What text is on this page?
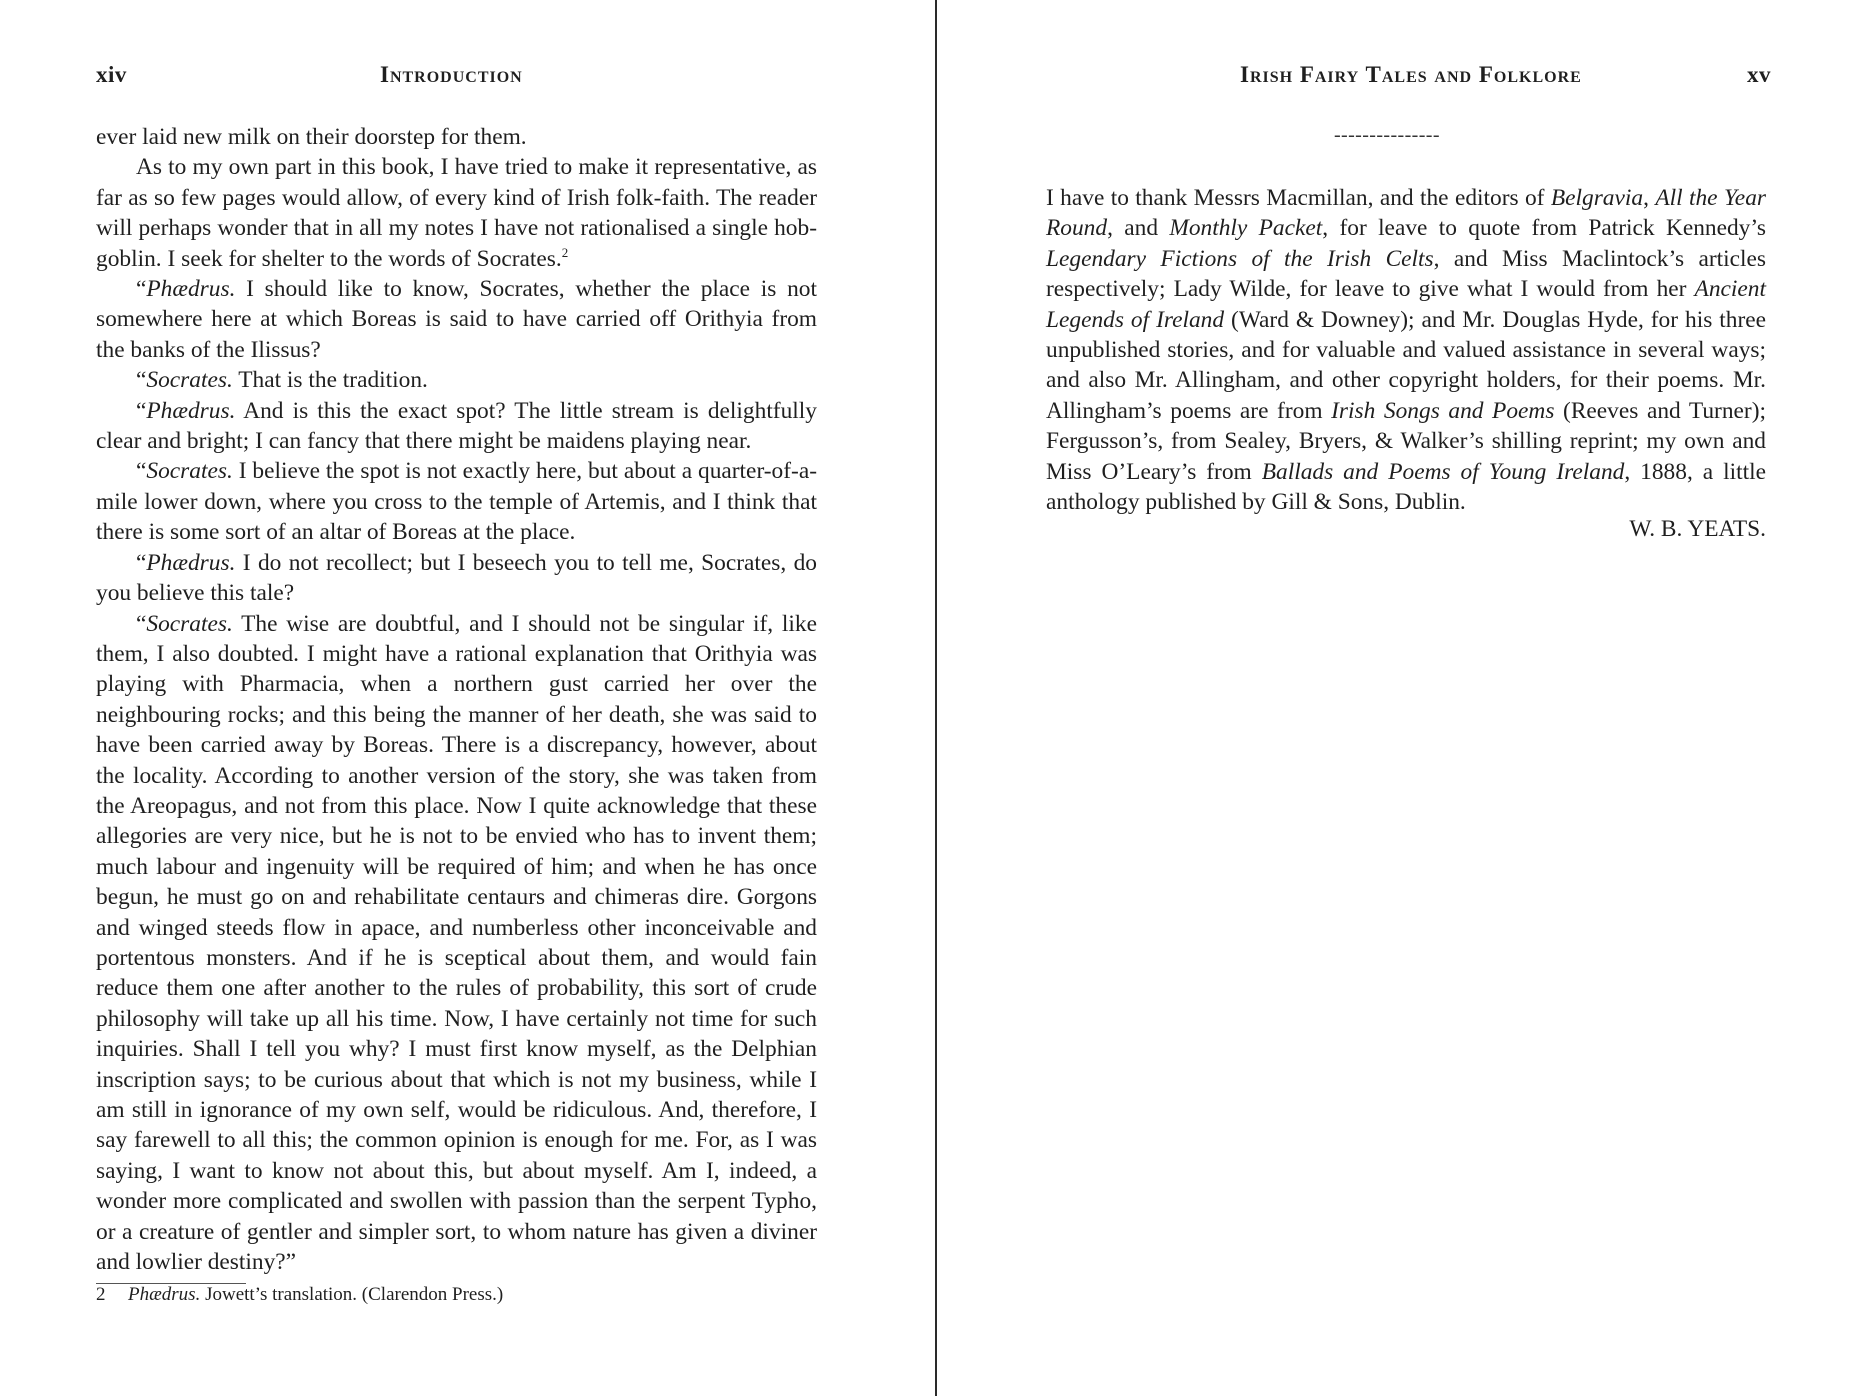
xiv	Introduction

ever laid new milk on their doorstep for them.

As to my own part in this book, I have tried to make it representative, as far as so few pages would allow, of every kind of Irish folk-faith. The reader will perhaps wonder that in all my notes I have not rationalised a single hobgoblin. I seek for shelter to the words of Socrates.$^2$

“Phædrus. I should like to know, Socrates, whether the place is not somewhere here at which Boreas is said to have carried off Orithyia from the banks of the Ilissus?

“Socrates. That is the tradition.

“Phædrus. And is this the exact spot? The little stream is delightfully clear and bright; I can fancy that there might be maidens playing near.

“Socrates. I believe the spot is not exactly here, but about a quarter-of-a-mile lower down, where you cross to the temple of Artemis, and I think that there is some sort of an altar of Boreas at the place.

“Phædrus. I do not recollect; but I beseech you to tell me, Socrates, do you believe this tale?

“Socrates. The wise are doubtful, and I should not be singular if, like them, I also doubted. I might have a rational explanation that Orithyia was playing with Pharmacia, when a northern gust carried her over the neighbouring rocks; and this being the manner of her death, she was said to have been carried away by Boreas. There is a discrepancy, however, about the locality. According to another version of the story, she was taken from the Areopagus, and not from this place. Now I quite acknowledge that these allegories are very nice, but he is not to be envied who has to invent them; much labour and ingenuity will be required of him; and when he has once begun, he must go on and rehabilitate centaurs and chimeras dire. Gorgons and winged steeds flow in apace, and numberless other inconceivable and portentous monsters. And if he is sceptical about them, and would fain reduce them one after another to the rules of probability, this sort of crude philosophy will take up all his time. Now, I have certainly not time for such inquiries. Shall I tell you why? I must first know myself, as the Delphian inscription says; to be curious about that which is not my business, while I am still in ignorance of my own self, would be ridiculous. And, therefore, I say farewell to all this; the common opinion is enough for me. For, as I was saying, I want to know not about this, but about myself. Am I, indeed, a wonder more complicated and swollen with passion than the serpent Typho, or a creature of gentler and simpler sort, to whom nature has given a diviner and lowlier destiny?”

2 Phædrus. Jowett’s translation. (Clarendon Press.)
Irish Fairy Tales and Folklore	xv
---------------

I have to thank Messrs Macmillan, and the editors of Belgravia, All the Year Round, and Monthly Packet, for leave to quote from Patrick Kennedy’s Legendary Fictions of the Irish Celts, and Miss Maclintock’s articles respectively; Lady Wilde, for leave to give what I would from her Ancient Legends of Ireland (Ward & Downey); and Mr. Douglas Hyde, for his three unpublished stories, and for valuable and valued assistance in several ways; and also Mr. Allingham, and other copyright holders, for their poems. Mr. Allingham’s poems are from Irish Songs and Poems (Reeves and Turner); Fergusson’s, from Sealey, Bryers, & Walker’s shilling reprint; my own and Miss O’Leary’s from Ballads and Poems of Young Ireland, 1888, a little anthology published by Gill & Sons, Dublin.

W. B. YEATS.
